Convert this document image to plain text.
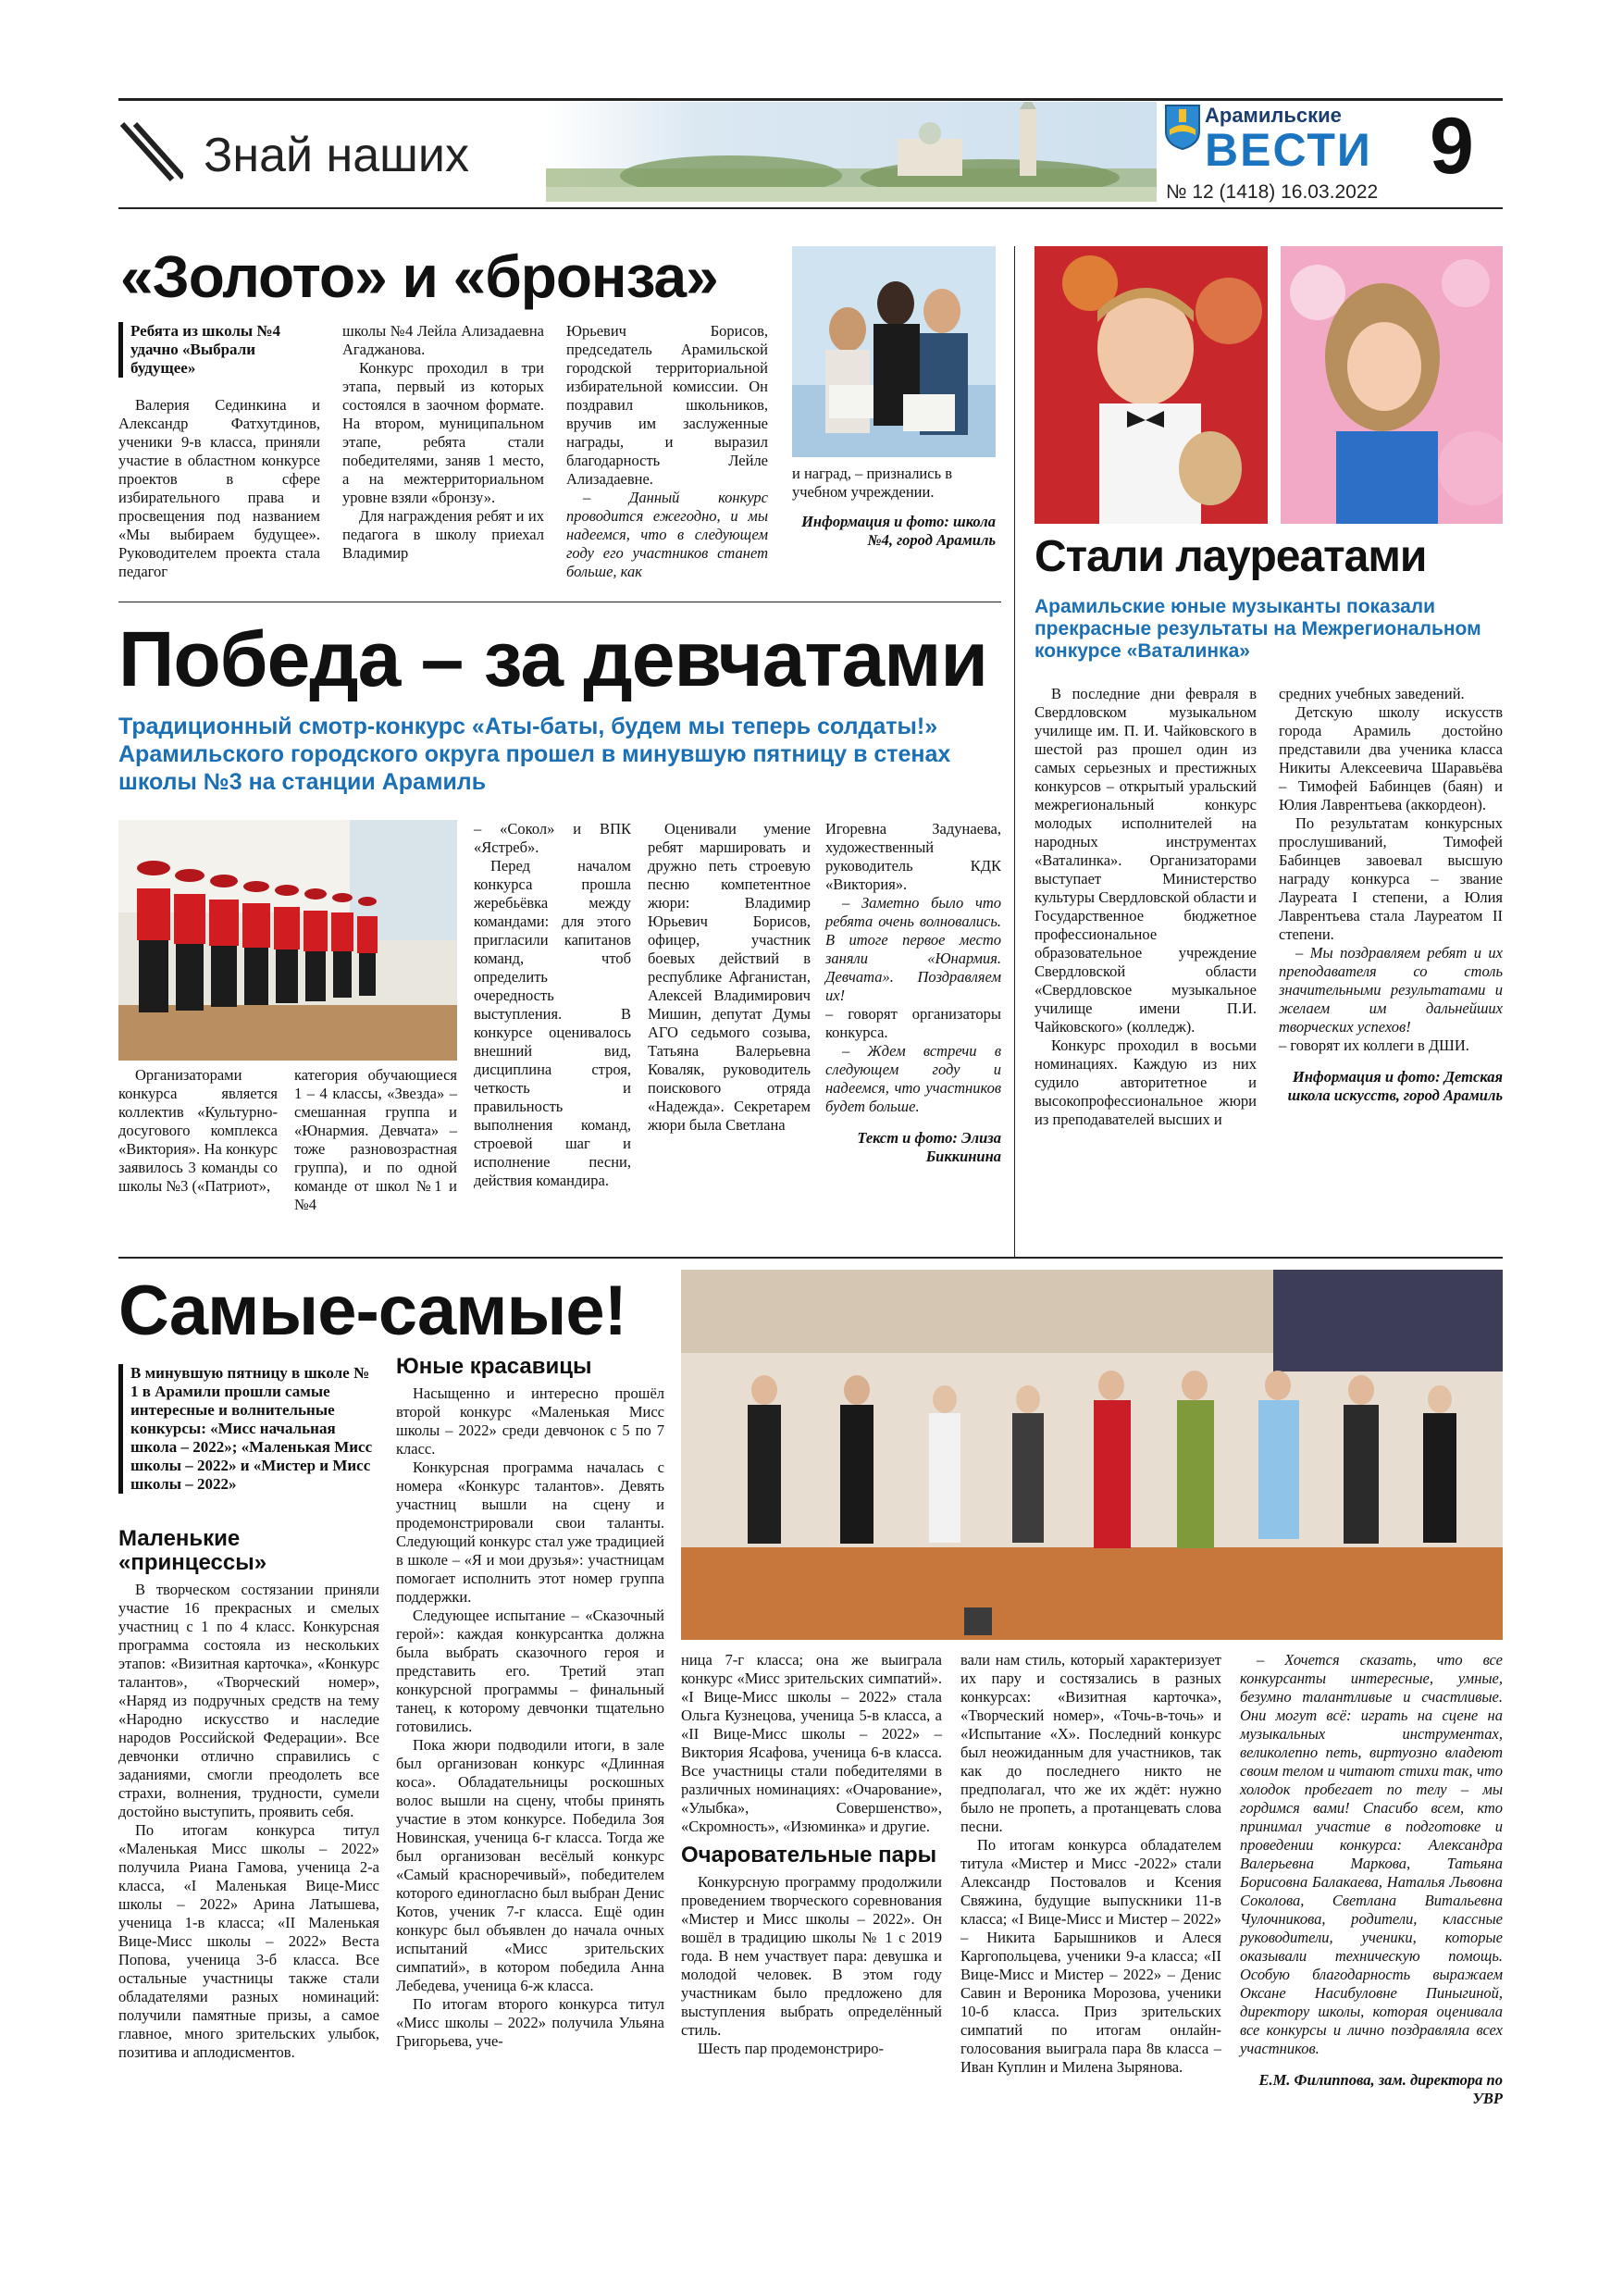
Знай наших
Арамильские
ВЕСТИ
№ 12 (1418) 16.03.2022
9
«Золото» и «бронза»
Ребята из школы №4 удачно «Выбрали будущее»

Валерия Сединкина и Александр Фатхутдинов, ученики 9-в класса, приняли участие в областном конкурсе проектов в сфере избирательного права и просвещения под названием «Мы выбираем будущее». Руководителем проекта стала педагог

школы №4 Лейла Ализадаевна Агаджанова.

Конкурс проходил в три этапа, первый из которых состоялся в заочном формате. На втором, муниципальном этапе, ребята стали победителями, заняв 1 место, а на межтерриториальном уровне взяли «бронзу».

Для награждения ребят и их педагога в школу приехал Владимир

Юрьевич Борисов, председатель Арамильской городской территориальной избирательной комиссии. Он поздравил школьников, вручив им заслуженные награды, и выразил благодарность Лейле Ализадаевне.

– Данный конкурс проводится ежегодно, и мы надеемся, что в следующем году его участников станет больше, как

и наград, – признались в учебном учреждении.

Информация и фото: школа №4, город Арамиль

Победа – за девчатами
Традиционный смотр-конкурс «Аты-баты, будем мы теперь солдаты!» Арамильского городского округа прошел в минувшую пятницу в стенах школы №3 на станции Арамиль

Организаторами конкурса является коллектив «Культурно-досугового комплекса «Виктория». На конкурс заявилось 3 команды со школы №3 («Патриот»,

категория обучающиеся 1 – 4 классы, «Звезда» – смешанная группа и «Юнармия. Девчата» – тоже разновозрастная группа), и по одной команде от школ №1 и №4

– «Сокол» и ВПК «Ястреб».

Перед началом конкурса прошла жеребьёвка между командами: для этого пригласили капитанов команд, чтоб определить очередность выступления. В конкурсе оценивалось внешний вид, дисциплина строя, четкость и правильность выполнения команд, строевой шаг и исполнение песни, действия командира.

Оценивали умение ребят маршировать и дружно петь строевую песню компетентное жюри: Владимир Юрьевич Борисов, офицер, участник боевых действий в республике Афганистан, Алексей Владимирович Мишин, депутат Думы АГО седьмого созыва, Татьяна Валерьевна Коваляк, руководитель поискового отряда «Надежда». Секретарем жюри была Светлана

Игоревна Задунаева, художественный руководитель КДК «Виктория».

– Заметно было что ребята очень волновались. В итоге первое место заняли «Юнармия. Девчата». Поздравляем их!

– говорят организаторы конкурса.

– Ждем встречи в следующем году и надеемся, что участников будет больше.

Текст и фото: Элиза Биккинина

Стали лауреатами
Арамильские юные музыканты показали прекрасные результаты на Межрегиональном конкурсе «Ваталинка»

В последние дни февраля в Свердловском музыкальном училище им. П. И. Чайковского в шестой раз прошел один из самых серьезных и престижных конкурсов – открытый уральский межрегиональный конкурс молодых исполнителей на народных инструментах «Ваталинка». Организаторами выступает Министерство культуры Свердловской области и Государственное бюджетное профессиональное образовательное учреждение Свердловской области «Свердловское музыкальное училище имени П.И. Чайковского» (колледж).

Конкурс проходил в восьми номинациях. Каждую из них судило авторитетное и высокопрофессиональное жюри из преподавателей высших и

средних учебных заведений.

Детскую школу искусств города Арамиль достойно представили два ученика класса Никиты Алексеевича Шаравьёва – Тимофей Бабинцев (баян) и Юлия Лаврентьева (аккордеон).

По результатам конкурсных прослушиваний, Тимофей Бабинцев завоевал высшую награду конкурса – звание Лауреата I степени, а Юлия Лаврентьева стала Лауреатом II степени.

– Мы поздравляем ребят и их преподавателя со столь значительными результатами и желаем им дальнейших творческих успехов!

– говорят их коллеги в ДШИ.

Информация и фото: Детская школа искусств, город Арамиль

Самые-самые!
В минувшую пятницу в школе № 1 в Арамили прошли самые интересные и волнительные конкурсы: «Мисс начальная школа – 2022»; «Маленькая Мисс школы – 2022» и «Мистер и Мисс школы – 2022»
Маленькие «принцессы»

В творческом состязании приняли участие 16 прекрасных и смелых участниц с 1 по 4 класс. Конкурсная программа состояла из нескольких этапов: «Визитная карточка», «Конкурс талантов», «Творческий номер», «Наряд из подручных средств на тему «Народно искусство и наследие народов Российской Федерации». Все девчонки отлично справились с заданиями, смогли преодолеть все страхи, волнения, трудности, сумели достойно выступить, проявить себя.

По итогам конкурса титул «Маленькая Мисс школы – 2022» получила Риана Гамова, ученица 2-а класса, «I Маленькая Вице-Мисс школы – 2022» Арина Латышева, ученица 1-в класса; «II Маленькая Вице-Мисс школы – 2022» Веста Попова, ученица 3-б класса. Все остальные участницы также стали обладателями разных номинаций: получили памятные призы, а самое главное, много зрительских улыбок, позитива и аплодисментов.

Юные красавицы

Насыщенно и интересно прошёл второй конкурс «Маленькая Мисс школы – 2022» среди девчонок с 5 по 7 класс.

Конкурсная программа началась с номера «Конкурс талантов». Девять участниц вышли на сцену и продемонстрировали свои таланты. Следующий конкурс стал уже традицией в школе – «Я и мои друзья»: участницам помогает исполнить этот номер группа поддержки.

Следующее испытание – «Сказочный герой»: каждая конкурсантка должна была выбрать сказочного героя и представить его. Третий этап конкурсной программы – финальный танец, к которому девчонки тщательно готовились.

Пока жюри подводили итоги, в зале был организован конкурс «Длинная коса». Обладательницы роскошных волос вышли на сцену, чтобы принять участие в этом конкурсе. Победила Зоя Новинская, ученица 6-г класса. Тогда же был организован весёлый конкурс «Самый красноречивый», победителем которого единогласно был выбран Денис Котов, ученик 7-г класса. Ещё один конкурс был объявлен до начала очных испытаний «Мисс зрительских симпатий», в котором победила Анна Лебедева, ученица 6-ж класса.

По итогам второго конкурса титул «Мисс школы – 2022» получила Ульяна Григорьева, уче-

ница 7-г класса; она же выиграла конкурс «Мисс зрительских симпатий». «I Вице-Мисс школы – 2022» стала Ольга Кузнецова, ученица 5-в класса, а «II Вице-Мисс школы – 2022» – Виктория Ясафова, ученица 6-в класса. Все участницы стали победителями в различных номинациях: «Очарование», «Улыбка», Совершенство», «Скромность», «Изюминка» и другие.

Очаровательные пары

Конкурсную программу продолжили проведением творческого соревнования «Мистер и Мисс школы – 2022». Он вошёл в традицию школы № 1 с 2019 года. В нем участвует пара: девушка и молодой человек. В этом году участникам было предложено для выступления выбрать определённый стиль.

Шесть пар продемонстриро-

вали нам стиль, который характеризует их пару и состязались в разных конкурсах: «Визитная карточка», «Творческий номер», «Точь-в-точь» и «Испытание «Х». Последний конкурс был неожиданным для участников, так как до последнего никто не предполагал, что же их ждёт: нужно было не пропеть, а протанцевать слова песни.

По итогам конкурса обладателем титула «Мистер и Мисс -2022» стали Александр Постовалов и Ксения Свяжина, будущие выпускники 11-в класса; «I Вице-Мисс и Мистер – 2022» – Никита Барышников и Алеся Каргопольцева, ученики 9-а класса; «II Вице-Мисс и Мистер – 2022» – Денис Савин и Вероника Морозова, ученики 10-б класса. Приз зрительских симпатий по итогам онлайн-голосования выиграла пара 8в класса – Иван Куплин и Милена Зырянова.

– Хочется сказать, что все конкурсанты интересные, умные, безумно талантливые и счастливые. Они могут всё: играть на сцене на музыкальных инструментах, великолепно петь, виртуозно владеют своим телом и читают стихи так, что холодок пробегает по телу – мы гордимся вами! Спасибо всем, кто принимал участие в подготовке и проведении конкурса: Александра Валерьевна Маркова, Татьяна Борисовна Балакаева, Наталья Львовна Соколова, Светлана Витальевна Чулочникова, родители, классные руководители, ученики, которые оказывали техническую помощь. Особую благодарность выражаем Оксане Насибуловне Пиныгиной, директору школы, которая оценивала все конкурсы и лично поздравляла всех участников.

Е.М. Филиппова, зам. директора по УВР
